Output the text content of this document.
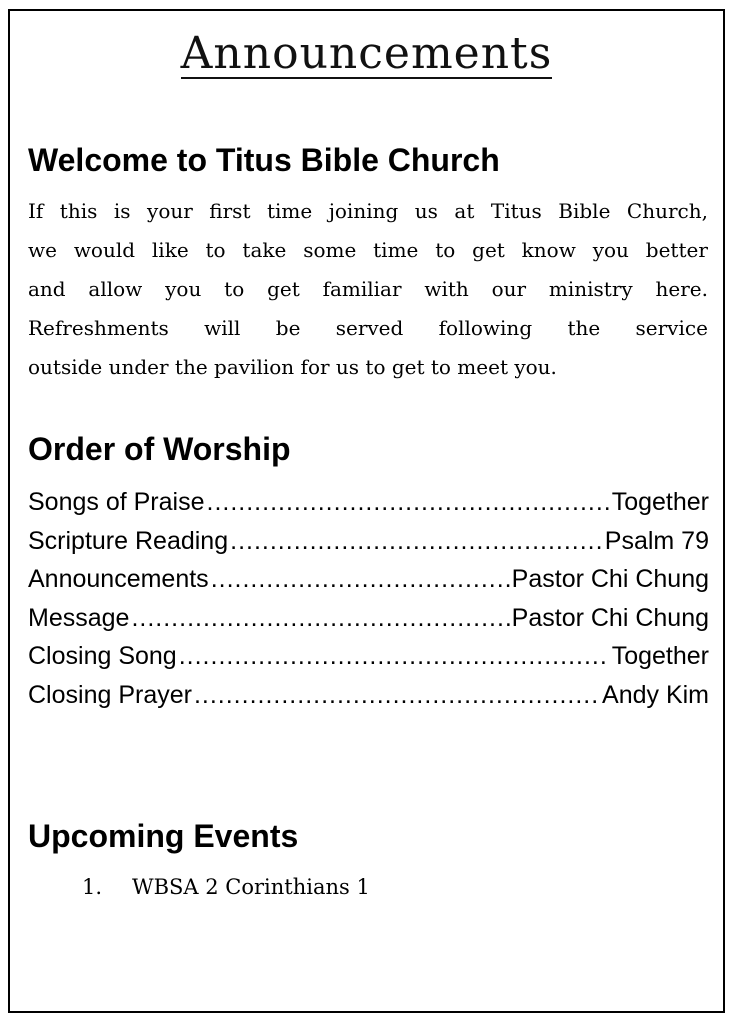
Announcements
Welcome to Titus Bible Church
If this is your first time joining us at Titus Bible Church,
we would like to take some time to get know you better
and allow you to get familiar with our ministry here.
Refreshments will be served following the service
outside under the pavilion for us to get to meet you.
Order of Worship
Songs of Praise .....	Together
Scripture Reading .....	Psalm 79
Announcements .....	Pastor Chi Chung
Message .....	Pastor Chi Chung
Closing Song .....	Together
Closing Prayer .....	Andy Kim
Upcoming Events
1. WBSA 2 Corinthians 1
